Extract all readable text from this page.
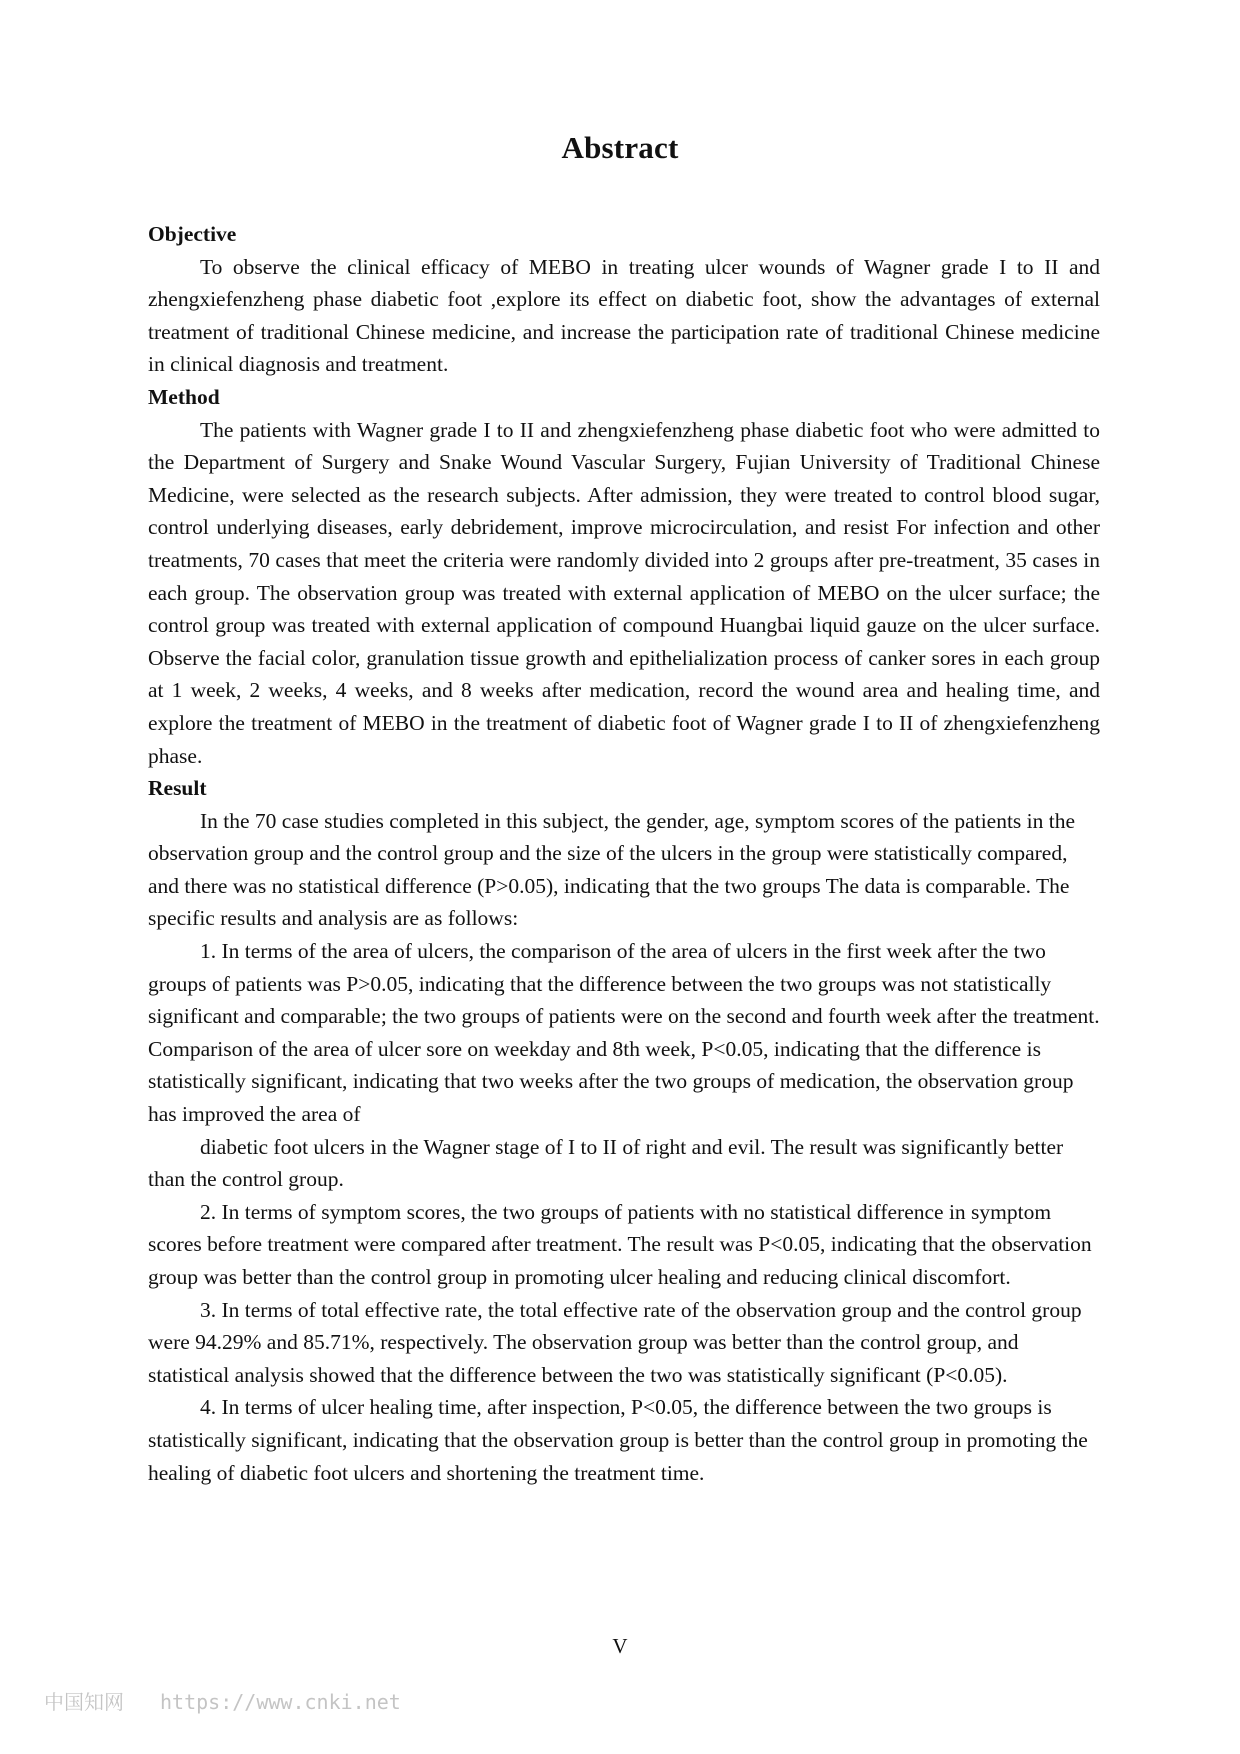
Abstract
Objective

To observe the clinical efficacy of MEBO in treating ulcer wounds of Wagner grade I to II and zhengxiefenzheng phase diabetic foot ,explore its effect on diabetic foot, show the advantages of external treatment of traditional Chinese medicine, and increase the participation rate of traditional Chinese medicine in clinical diagnosis and treatment.

Method

The patients with Wagner grade I to II and zhengxiefenzheng phase diabetic foot who were admitted to the Department of Surgery and Snake Wound Vascular Surgery, Fujian University of Traditional Chinese Medicine, were selected as the research subjects. After admission, they were treated to control blood sugar, control underlying diseases, early debridement, improve microcirculation, and resist For infection and other treatments, 70 cases that meet the criteria were randomly divided into 2 groups after pre-treatment, 35 cases in each group. The observation group was treated with external application of MEBO on the ulcer surface; the control group was treated with external application of compound Huangbai liquid gauze on the ulcer surface. Observe the facial color, granulation tissue growth and epithelialization process of canker sores in each group at 1 week, 2 weeks, 4 weeks, and 8 weeks after medication, record the wound area and healing time, and explore the treatment of MEBO in the treatment of diabetic foot of Wagner grade I to II of zhengxiefenzheng phase.

Result

In the 70 case studies completed in this subject, the gender, age, symptom scores of the patients in the observation group and the control group and the size of the ulcers in the group were statistically compared, and there was no statistical difference (P>0.05), indicating that the two groups The data is comparable. The specific results and analysis are as follows:

1. In terms of the area of ulcers, the comparison of the area of ulcers in the first week after the two groups of patients was P>0.05, indicating that the difference between the two groups was not statistically significant and comparable; the two groups of patients were on the second and fourth week after the treatment. Comparison of the area of ulcer sore on weekday and 8th week, P<0.05, indicating that the difference is statistically significant, indicating that two weeks after the two groups of medication, the observation group has improved the area of

diabetic foot ulcers in the Wagner stage of I to II of right and evil. The result was significantly better than the control group.

2. In terms of symptom scores, the two groups of patients with no statistical difference in symptom scores before treatment were compared after treatment. The result was P<0.05, indicating that the observation group was better than the control group in promoting ulcer healing and reducing clinical discomfort.

3. In terms of total effective rate, the total effective rate of the observation group and the control group were 94.29% and 85.71%, respectively. The observation group was better than the control group, and statistical analysis showed that the difference between the two was statistically significant (P<0.05).

4. In terms of ulcer healing time, after inspection, P<0.05, the difference between the two groups is statistically significant, indicating that the observation group is better than the control group in promoting the healing of diabetic foot ulcers and shortening the treatment time.

V
中国知网 https://www.cnki.net
